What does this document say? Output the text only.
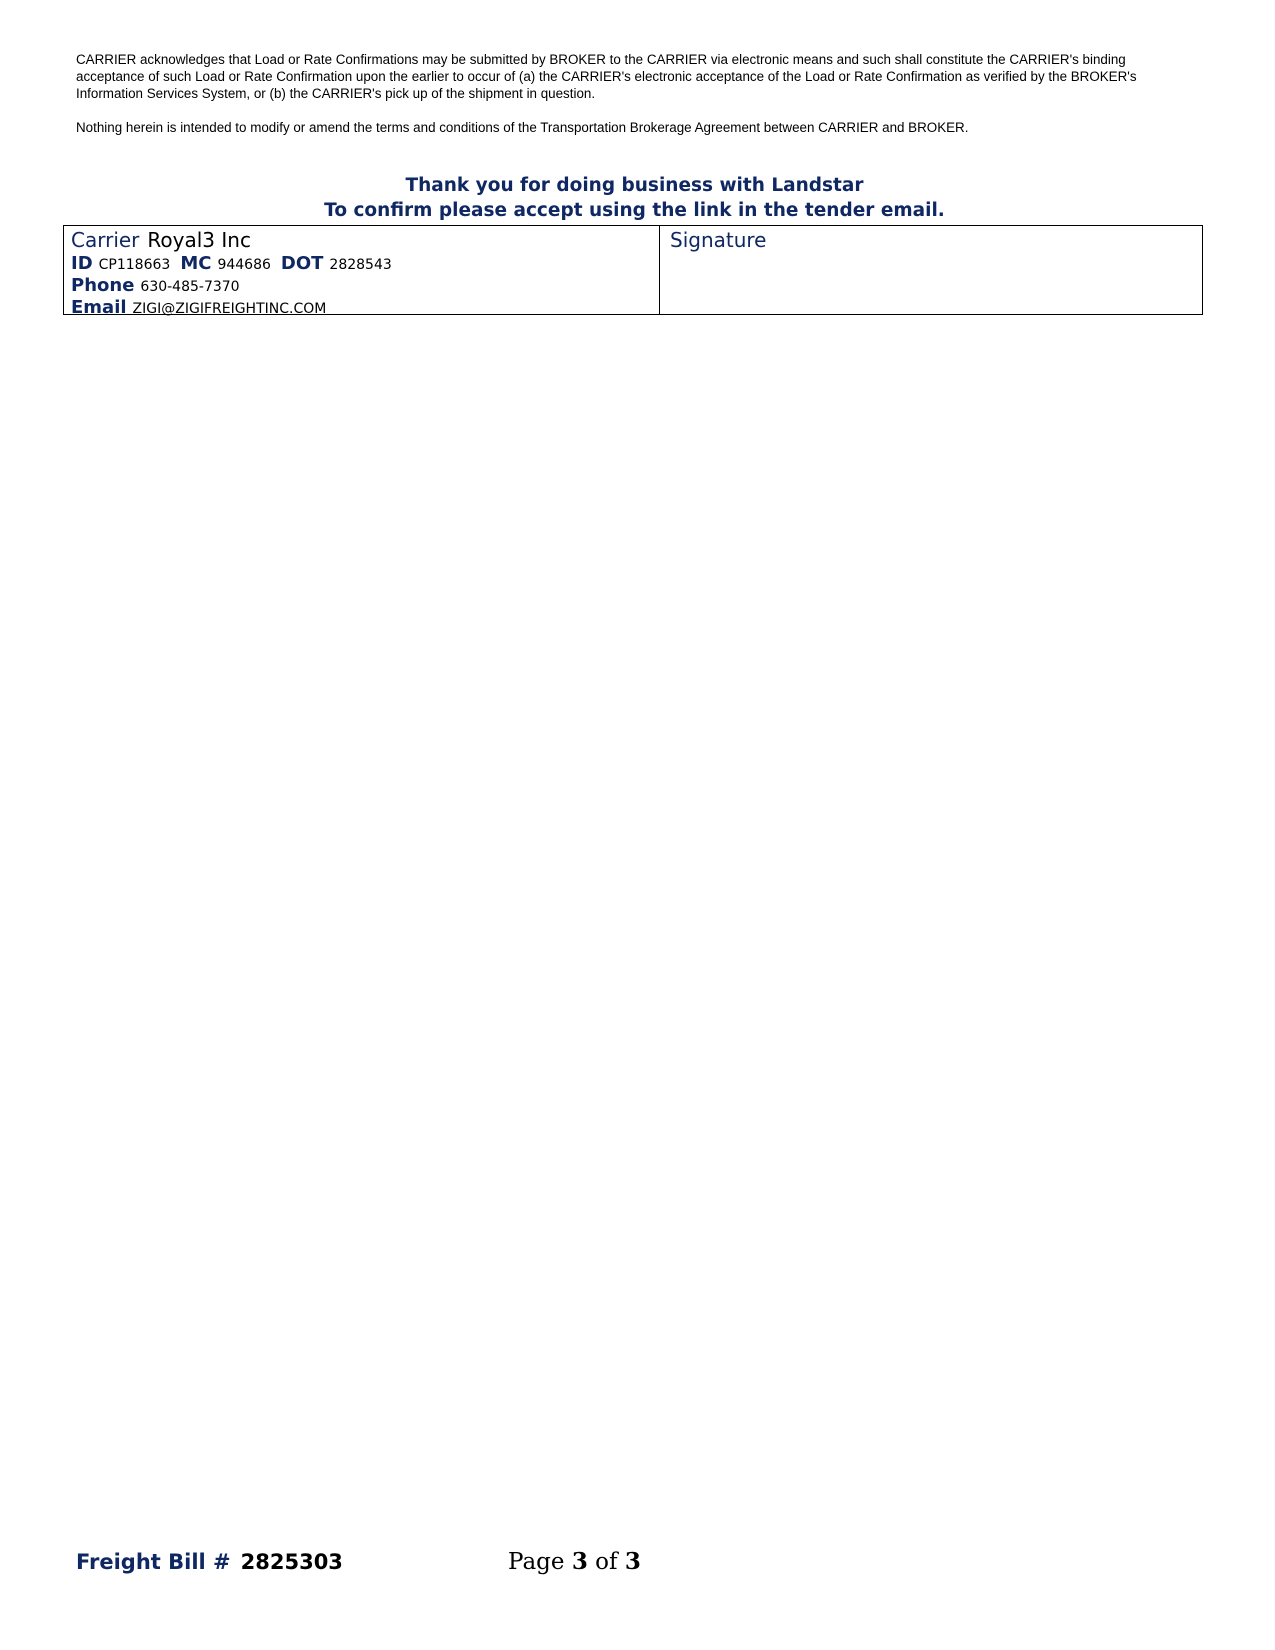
CARRIER acknowledges that Load or Rate Confirmations may be submitted by BROKER to the CARRIER via electronic means and such shall constitute the CARRIER's binding acceptance of such Load or Rate Confirmation upon the earlier to occur of (a) the CARRIER's electronic acceptance of the Load or Rate Confirmation as verified by the BROKER's Information Services System, or (b) the CARRIER's pick up of the shipment in question.

Nothing herein is intended to modify or amend the terms and conditions of the Transportation Brokerage Agreement between CARRIER and BROKER.

Thank you for doing business with Landstar
To confirm please accept using the link in the tender email.
Carrier Royal3 Inc
ID CP118663 MC 944686 DOT 2828543
Phone 630-485-7370
Email ZIGI@ZIGIFREIGHTINC.COM
Signature
Freight Bill # 2825303	Page 3 of 3
